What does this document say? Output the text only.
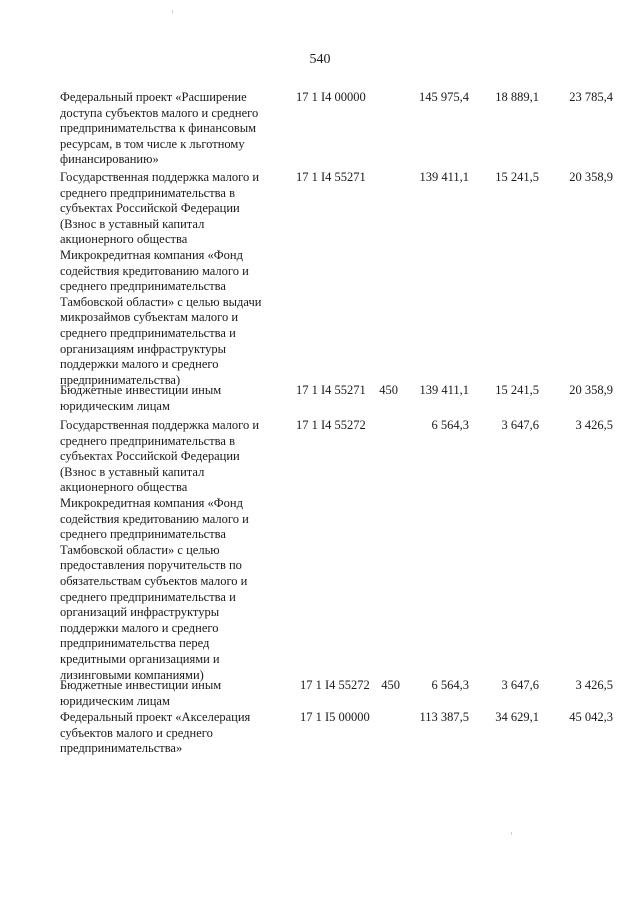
540
Федеральный проект «Расширение
доступа субъектов малого и среднего
предпринимательства к финансовым
ресурсам, в том числе к льготному
финансированию»
17 1 I4 00000	145 975,4	18 889,1	23 785,4
Государственная поддержка малого и
среднего предпринимательства в
субъектах Российской Федерации
(Взнос в уставный капитал
акционерного общества
Микрокредитная компания «Фонд
содействия кредитованию малого и
среднего предпринимательства
Тамбовской области» с целью выдачи
микрозаймов субъектам малого и
среднего предпринимательства и
организациям инфраструктуры
поддержки малого и среднего
предпринимательства)
17 1 I4 55271	139 411,1	15 241,5	20 358,9
Бюджетные инвестиции иным
юридическим лицам
17 1 I4 55271	450	139 411,1	15 241,5	20 358,9
Государственная поддержка малого и
среднего предпринимательства в
субъектах Российской Федерации
(Взнос в уставный капитал
акционерного общества
Микрокредитная компания «Фонд
содействия кредитованию малого и
среднего предпринимательства
Тамбовской области» с целью
предоставления поручительств по
обязательствам субъектов малого и
среднего предпринимательства и
организаций инфраструктуры
поддержки малого и среднего
предпринимательства перед
кредитными организациями и
лизинговыми компаниями)
17 1 I4 55272	6 564,3	3 647,6	3 426,5
Бюджетные инвестиции иным
юридическим лицам
17 1 I4 55272 450	6 564,3	3 647,6	3 426,5
Федеральный проект «Акселерация
субъектов малого и среднего
предпринимательства»
17 1 I5 00000	113 387,5	34 629,1	45 042,3
